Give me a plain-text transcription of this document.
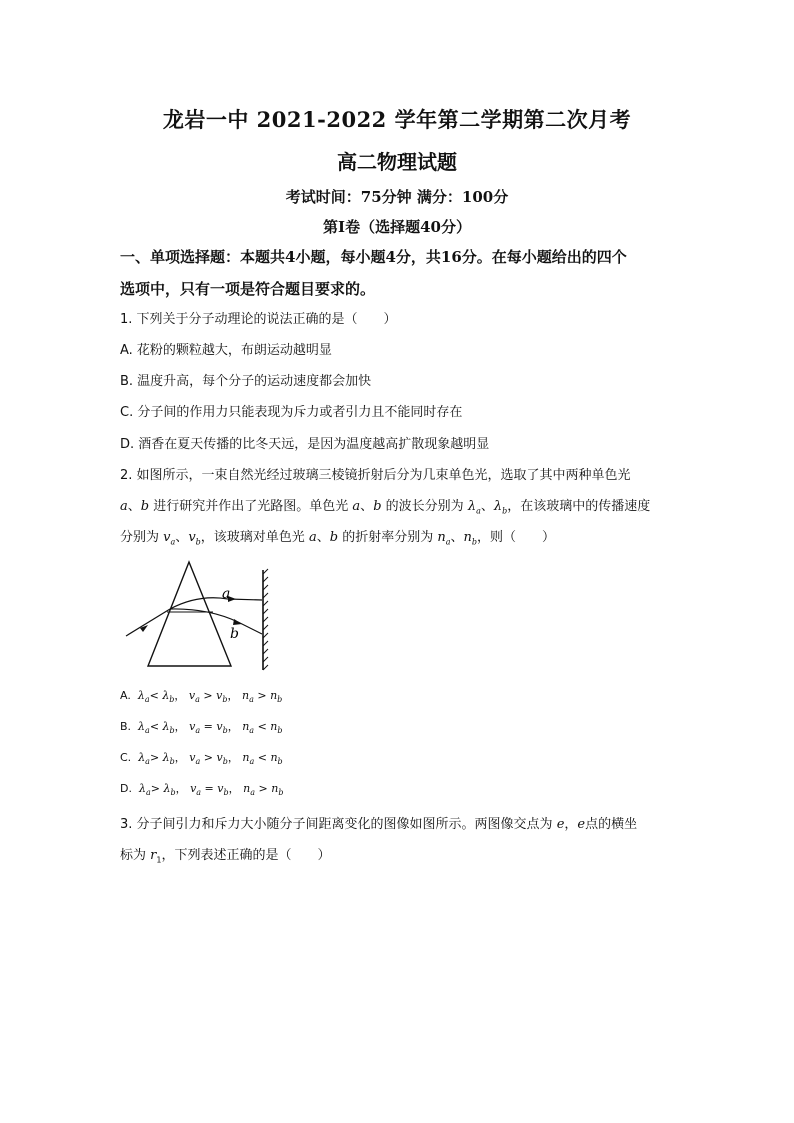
龙岩一中 2021-2022 学年第二学期第二次月考
高二物理试题
考试时间：75分钟 满分：100分
第Ⅰ卷（选择题40分）
一、单项选择题：本题共4小题，每小题4分，共16分。在每小题给出的四个
选项中，只有一项是符合题目要求的。
1. 下列关于分子动理论的说法正确的是（　　）
A. 花粉的颗粒越大，布朗运动越明显
B. 温度升高，每个分子的运动速度都会加快
C. 分子间的作用力只能表现为斥力或者引力且不能同时存在
D. 酒香在夏天传播的比冬天远，是因为温度越高扩散现象越明显
2. 如图所示，一束自然光经过玻璃三棱镜折射后分为几束单色光，选取了其中两种单色光
a、b 进行研究并作出了光路图。单色光 a、b 的波长分别为 $\lambda_a$、$\lambda_b$，在该玻璃中的传播速度
分别为 $v_a$、$v_b$，该玻璃对单色光 a、b 的折射率分别为 $n_a$、$n_b$，则（　　）
a
b
A. $\lambda_a< \lambda_b$， $v_a > v_b$， $n_a > n_b$
B. $\lambda_a< \lambda_b$， $v_a = v_b$， $n_a < n_b$
C. $\lambda_a> \lambda_b$， $v_a > v_b$， $n_a < n_b$
D. $\lambda_a> \lambda_b$， $v_a = v_b$， $n_a > n_b$
3. 分子间引力和斥力大小随分子间距离变化的图像如图所示。两图像交点为 e，e点的横坐
标为 $r_1$，下列表述正确的是（　　）
